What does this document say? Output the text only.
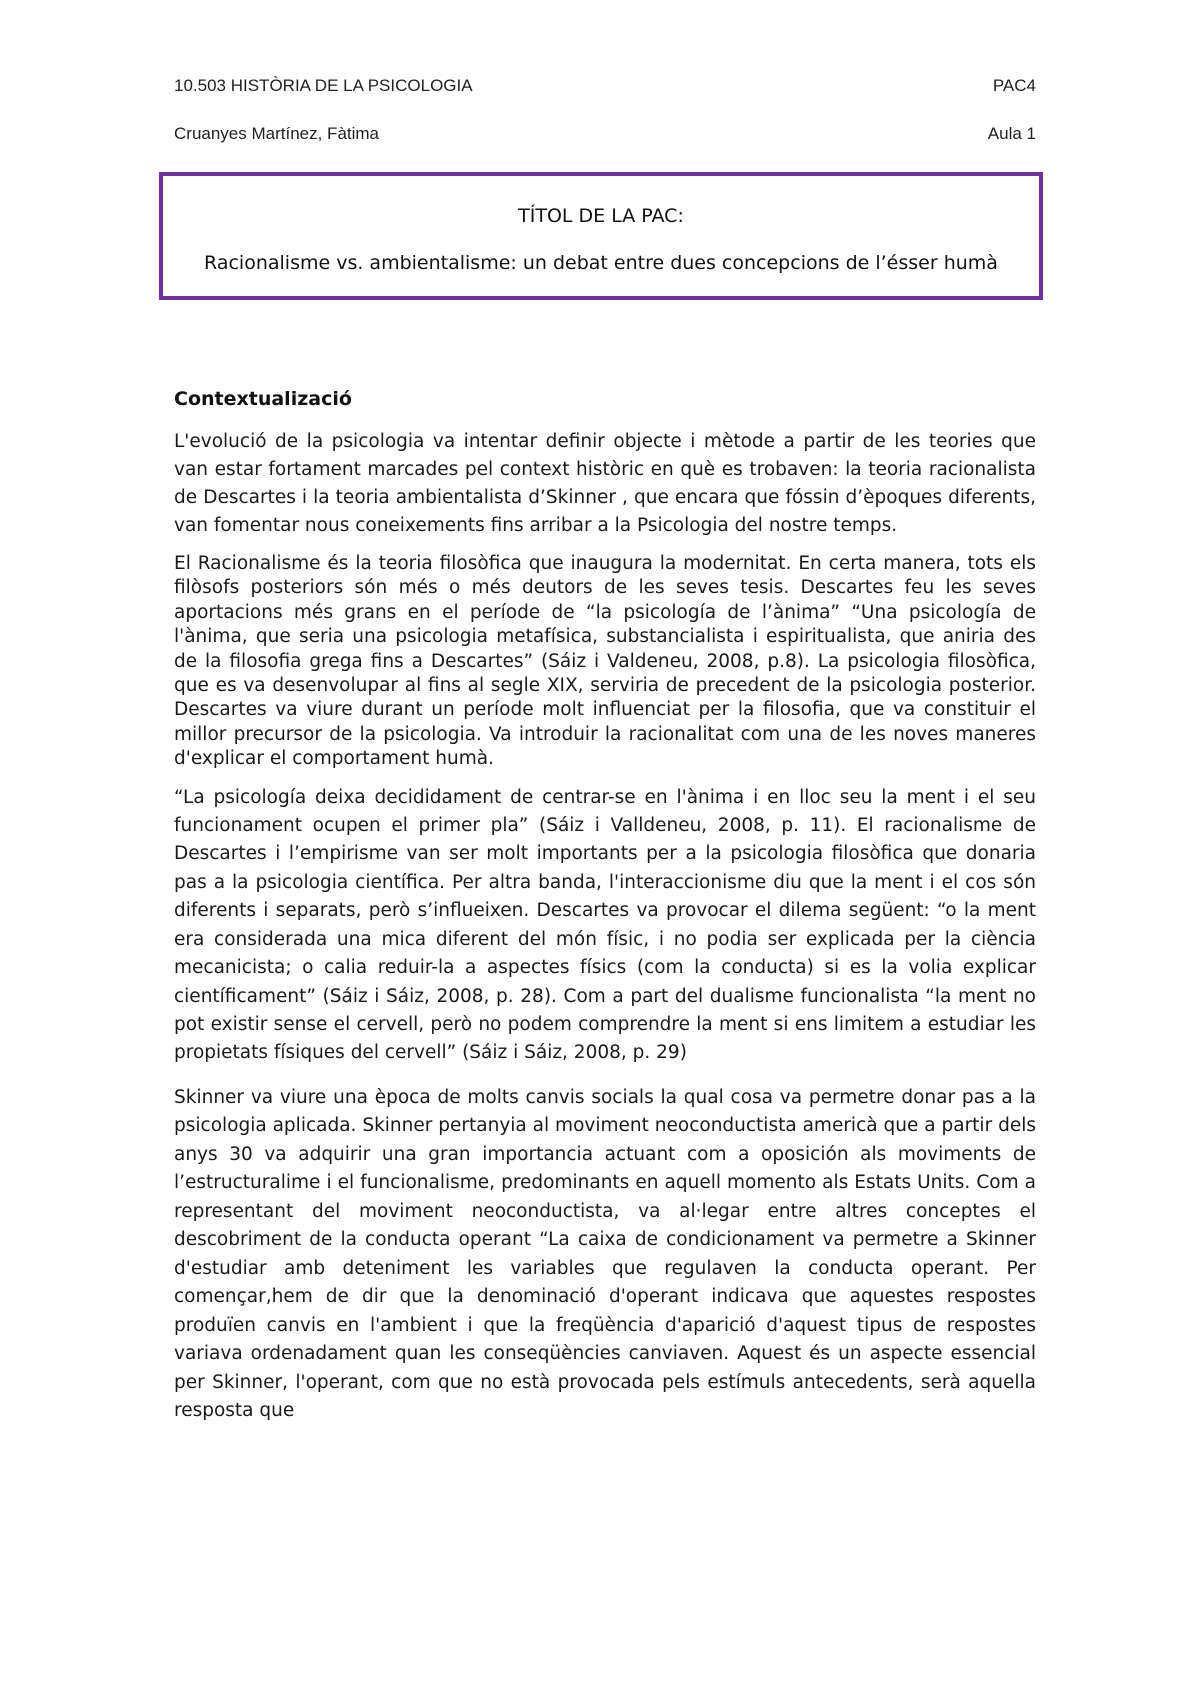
10.503 HISTÒRIA DE LA PSICOLOGIA	PAC4
Cruanyes Martínez, Fàtima	Aula 1
TÍTOL DE LA PAC:
Racionalisme vs. ambientalisme: un debat entre dues concepcions de l’ésser humà
Contextualizació

L'evolució de la psicologia va intentar definir objecte i mètode a partir de les teories que van estar fortament marcades pel context històric en què es trobaven: la teoria racionalista de Descartes i la teoria ambientalista d’Skinner , que encara que fóssin d’èpoques diferents, van fomentar nous coneixements fins arribar a la Psicologia del nostre temps.

El Racionalisme és la teoria filosòfica que inaugura la modernitat. En certa manera, tots els filòsofs posteriors són més o més deutors de les seves tesis. Descartes feu les seves aportacions més grans en el període de “la psicología de l’ànima” “Una psicología de l'ànima, que seria una psicologia metafísica, substancialista i espiritualista, que aniria des de la filosofia grega fins a Descartes” (Sáiz i Valdeneu, 2008, p.8). La psicologia filosòfica, que es va desenvolupar al fins al segle XIX, serviria de precedent de la psicologia posterior. Descartes va viure durant un període molt influenciat per la filosofia, que va constituir el millor precursor de la psicologia. Va introduir la racionalitat com una de les noves maneres d'explicar el comportament humà.

“La psicología deixa decididament de centrar-se en l'ànima i en lloc seu la ment i el seu funcionament ocupen el primer pla” (Sáiz i Valldeneu, 2008, p. 11). El racionalisme de Descartes i l’empirisme van ser molt importants per a la psicologia filosòfica que donaria pas a la psicologia científica. Per altra banda, l'interaccionisme diu que la ment i el cos són diferents i separats, però s’influeixen. Descartes va provocar el dilema següent: “o la ment era considerada una mica diferent del món físic, i no podia ser explicada per la ciència mecanicista; o calia reduir-la a aspectes físics (com la conducta) si es la volia explicar científicament” (Sáiz i Sáiz, 2008, p. 28). Com a part del dualisme funcionalista “la ment no pot existir sense el cervell, però no podem comprendre la ment si ens limitem a estudiar les propietats físiques del cervell” (Sáiz i Sáiz, 2008, p. 29)

Skinner va viure una època de molts canvis socials la qual cosa va permetre donar pas a la psicologia aplicada. Skinner pertanyia al moviment neoconductista americà que a partir dels anys 30 va adquirir una gran importancia actuant com a oposición als moviments de l’estructuralime i el funcionalisme, predominants en aquell momento als Estats Units. Com a representant del moviment neoconductista, va al·legar entre altres conceptes el descobriment de la conducta operant “La caixa de condicionament va permetre a Skinner d'estudiar amb deteniment les variables que regulaven la conducta operant. Per començar,hem de dir que la denominació d'operant indicava que aquestes respostes produïen canvis en l'ambient i que la freqüència d'aparició d'aquest tipus de respostes variava ordenadament quan les conseqüències canviaven. Aquest és un aspecte essencial per Skinner, l'operant, com que no està provocada pels estímuls antecedents, serà aquella resposta que
